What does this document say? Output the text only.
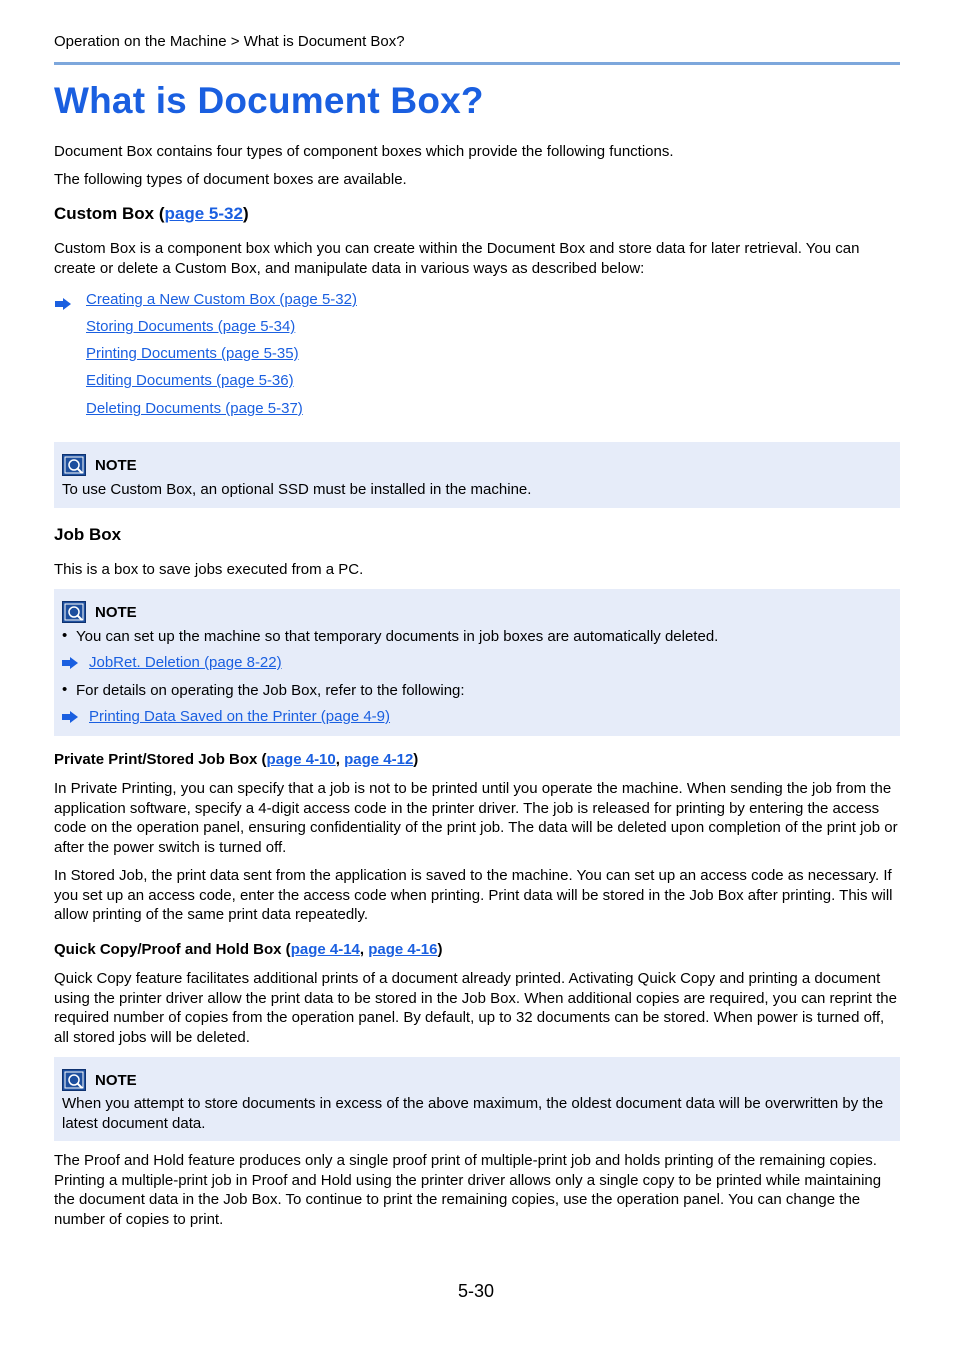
Operation on the Machine > What is Document Box?
What is Document Box?

Document Box contains four types of component boxes which provide the following functions.

The following types of document boxes are available.

Custom Box (page 5-32)

Custom Box is a component box which you can create within the Document Box and store data for later retrieval. You can create or delete a Custom Box, and manipulate data in various ways as described below:

Creating a New Custom Box (page 5-32)
Storing Documents (page 5-34)
Printing Documents (page 5-35)
Editing Documents (page 5-36)
Deleting Documents (page 5-37)
NOTE
To use Custom Box, an optional SSD must be installed in the machine.
Job Box

This is a box to save jobs executed from a PC.

NOTE
• You can set up the machine so that temporary documents in job boxes are automatically deleted.
JobRet. Deletion (page 8-22)
• For details on operating the Job Box, refer to the following:
Printing Data Saved on the Printer (page 4-9)
Private Print/Stored Job Box (page 4-10, page 4-12)

In Private Printing, you can specify that a job is not to be printed until you operate the machine. When sending the job from the application software, specify a 4-digit access code in the printer driver. The job is released for printing by entering the access code on the operation panel, ensuring confidentiality of the print job. The data will be deleted upon completion of the print job or after the power switch is turned off.

In Stored Job, the print data sent from the application is saved to the machine. You can set up an access code as necessary. If you set up an access code, enter the access code when printing. Print data will be stored in the Job Box after printing. This will allow printing of the same print data repeatedly.

Quick Copy/Proof and Hold Box (page 4-14, page 4-16)

Quick Copy feature facilitates additional prints of a document already printed. Activating Quick Copy and printing a document using the printer driver allow the print data to be stored in the Job Box. When additional copies are required, you can reprint the required number of copies from the operation panel. By default, up to 32 documents can be stored. When power is turned off, all stored jobs will be deleted.

NOTE
When you attempt to store documents in excess of the above maximum, the oldest document data will be overwritten by the latest document data.

The Proof and Hold feature produces only a single proof print of multiple-print job and holds printing of the remaining copies. Printing a multiple-print job in Proof and Hold using the printer driver allows only a single copy to be printed while maintaining the document data in the Job Box. To continue to print the remaining copies, use the operation panel. You can change the number of copies to print.

5-30
